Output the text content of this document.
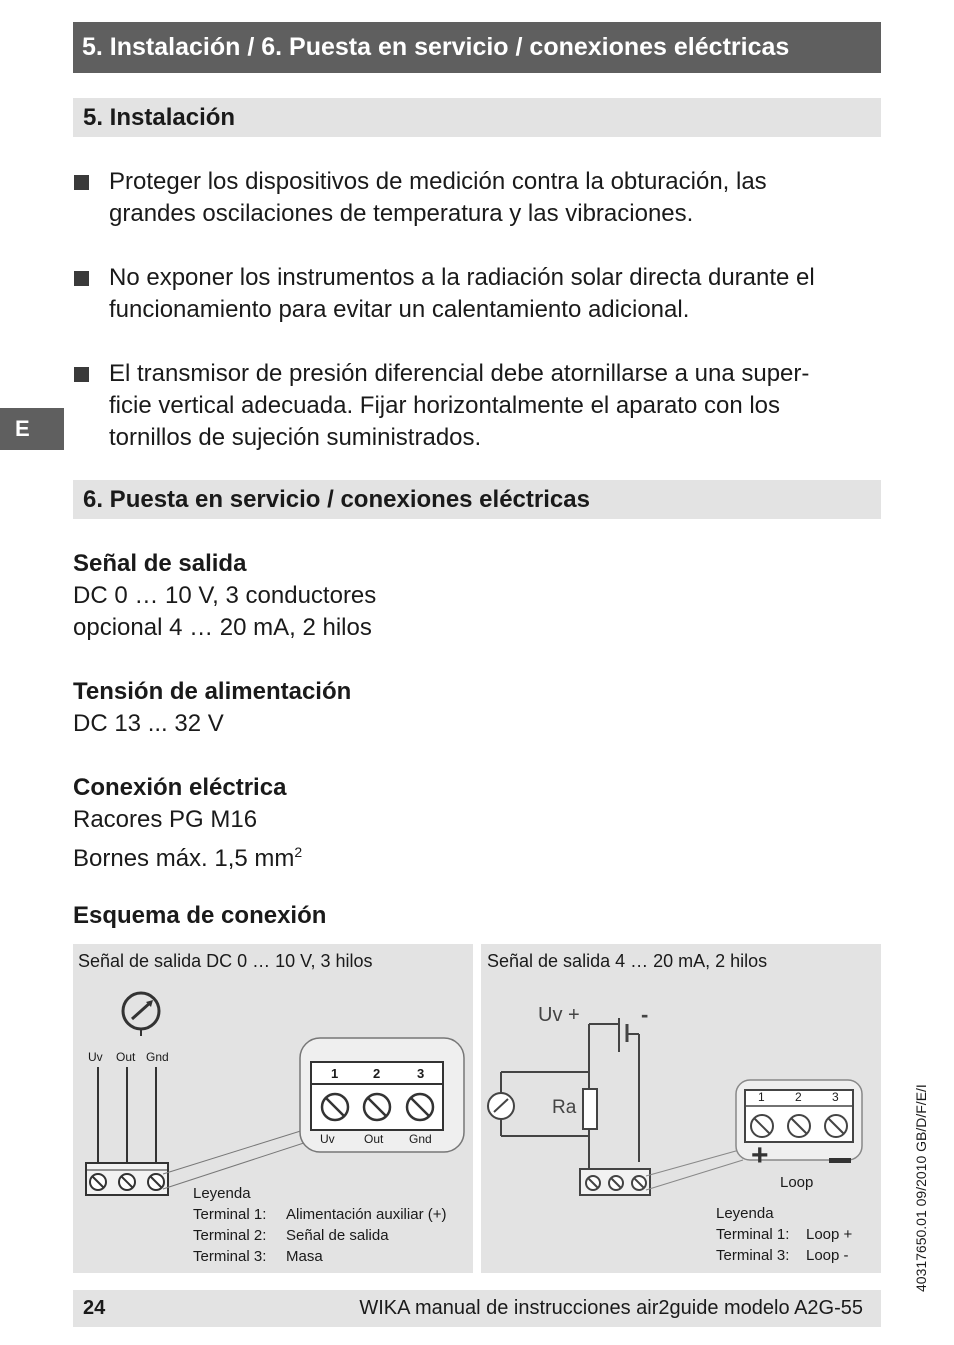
5. Instalación / 6. Puesta en servicio / conexiones eléctricas
5. Instalación
Proteger los dispositivos de medición contra la obturación, las
grandes oscilaciones de temperatura y las vibraciones.
No exponer los instrumentos a la radiación solar directa durante el
funcionamiento para evitar un calentamiento adicional.
El transmisor de presión diferencial debe atornillarse a una super-
ficie vertical adecuada. Fijar horizontalmente el aparato con los
tornillos de sujeción suministrados.
E
6. Puesta en servicio / conexiones eléctricas
Señal de salida
DC 0 … 10 V, 3 conductores
opcional 4 … 20 mA, 2 hilos
Tensión de alimentación
DC 13 ... 32 V
Conexión eléctrica
Racores PG M16
Bornes máx. 1,5 $mm^2$
Esquema de conexión
Señal de salida DC 0 … 10 V, 3 hilos
Uv Out Gnd
1	2	3
Uv Out Gnd
Leyenda
Terminal 1: Alimentación auxiliar (+)
Terminal 2: Señal de salida
Terminal 3: Masa
Señal de salida 4 … 20 mA, 2 hilos
Uv +	-
Ra	1	2	3
+
Loop
Leyenda
Terminal 1: Loop +
Terminal 3: Loop -	40317650.01 09/2010 GB/D/F/E/I
24	WIKA manual de instrucciones air2guide modelo A2G-55
